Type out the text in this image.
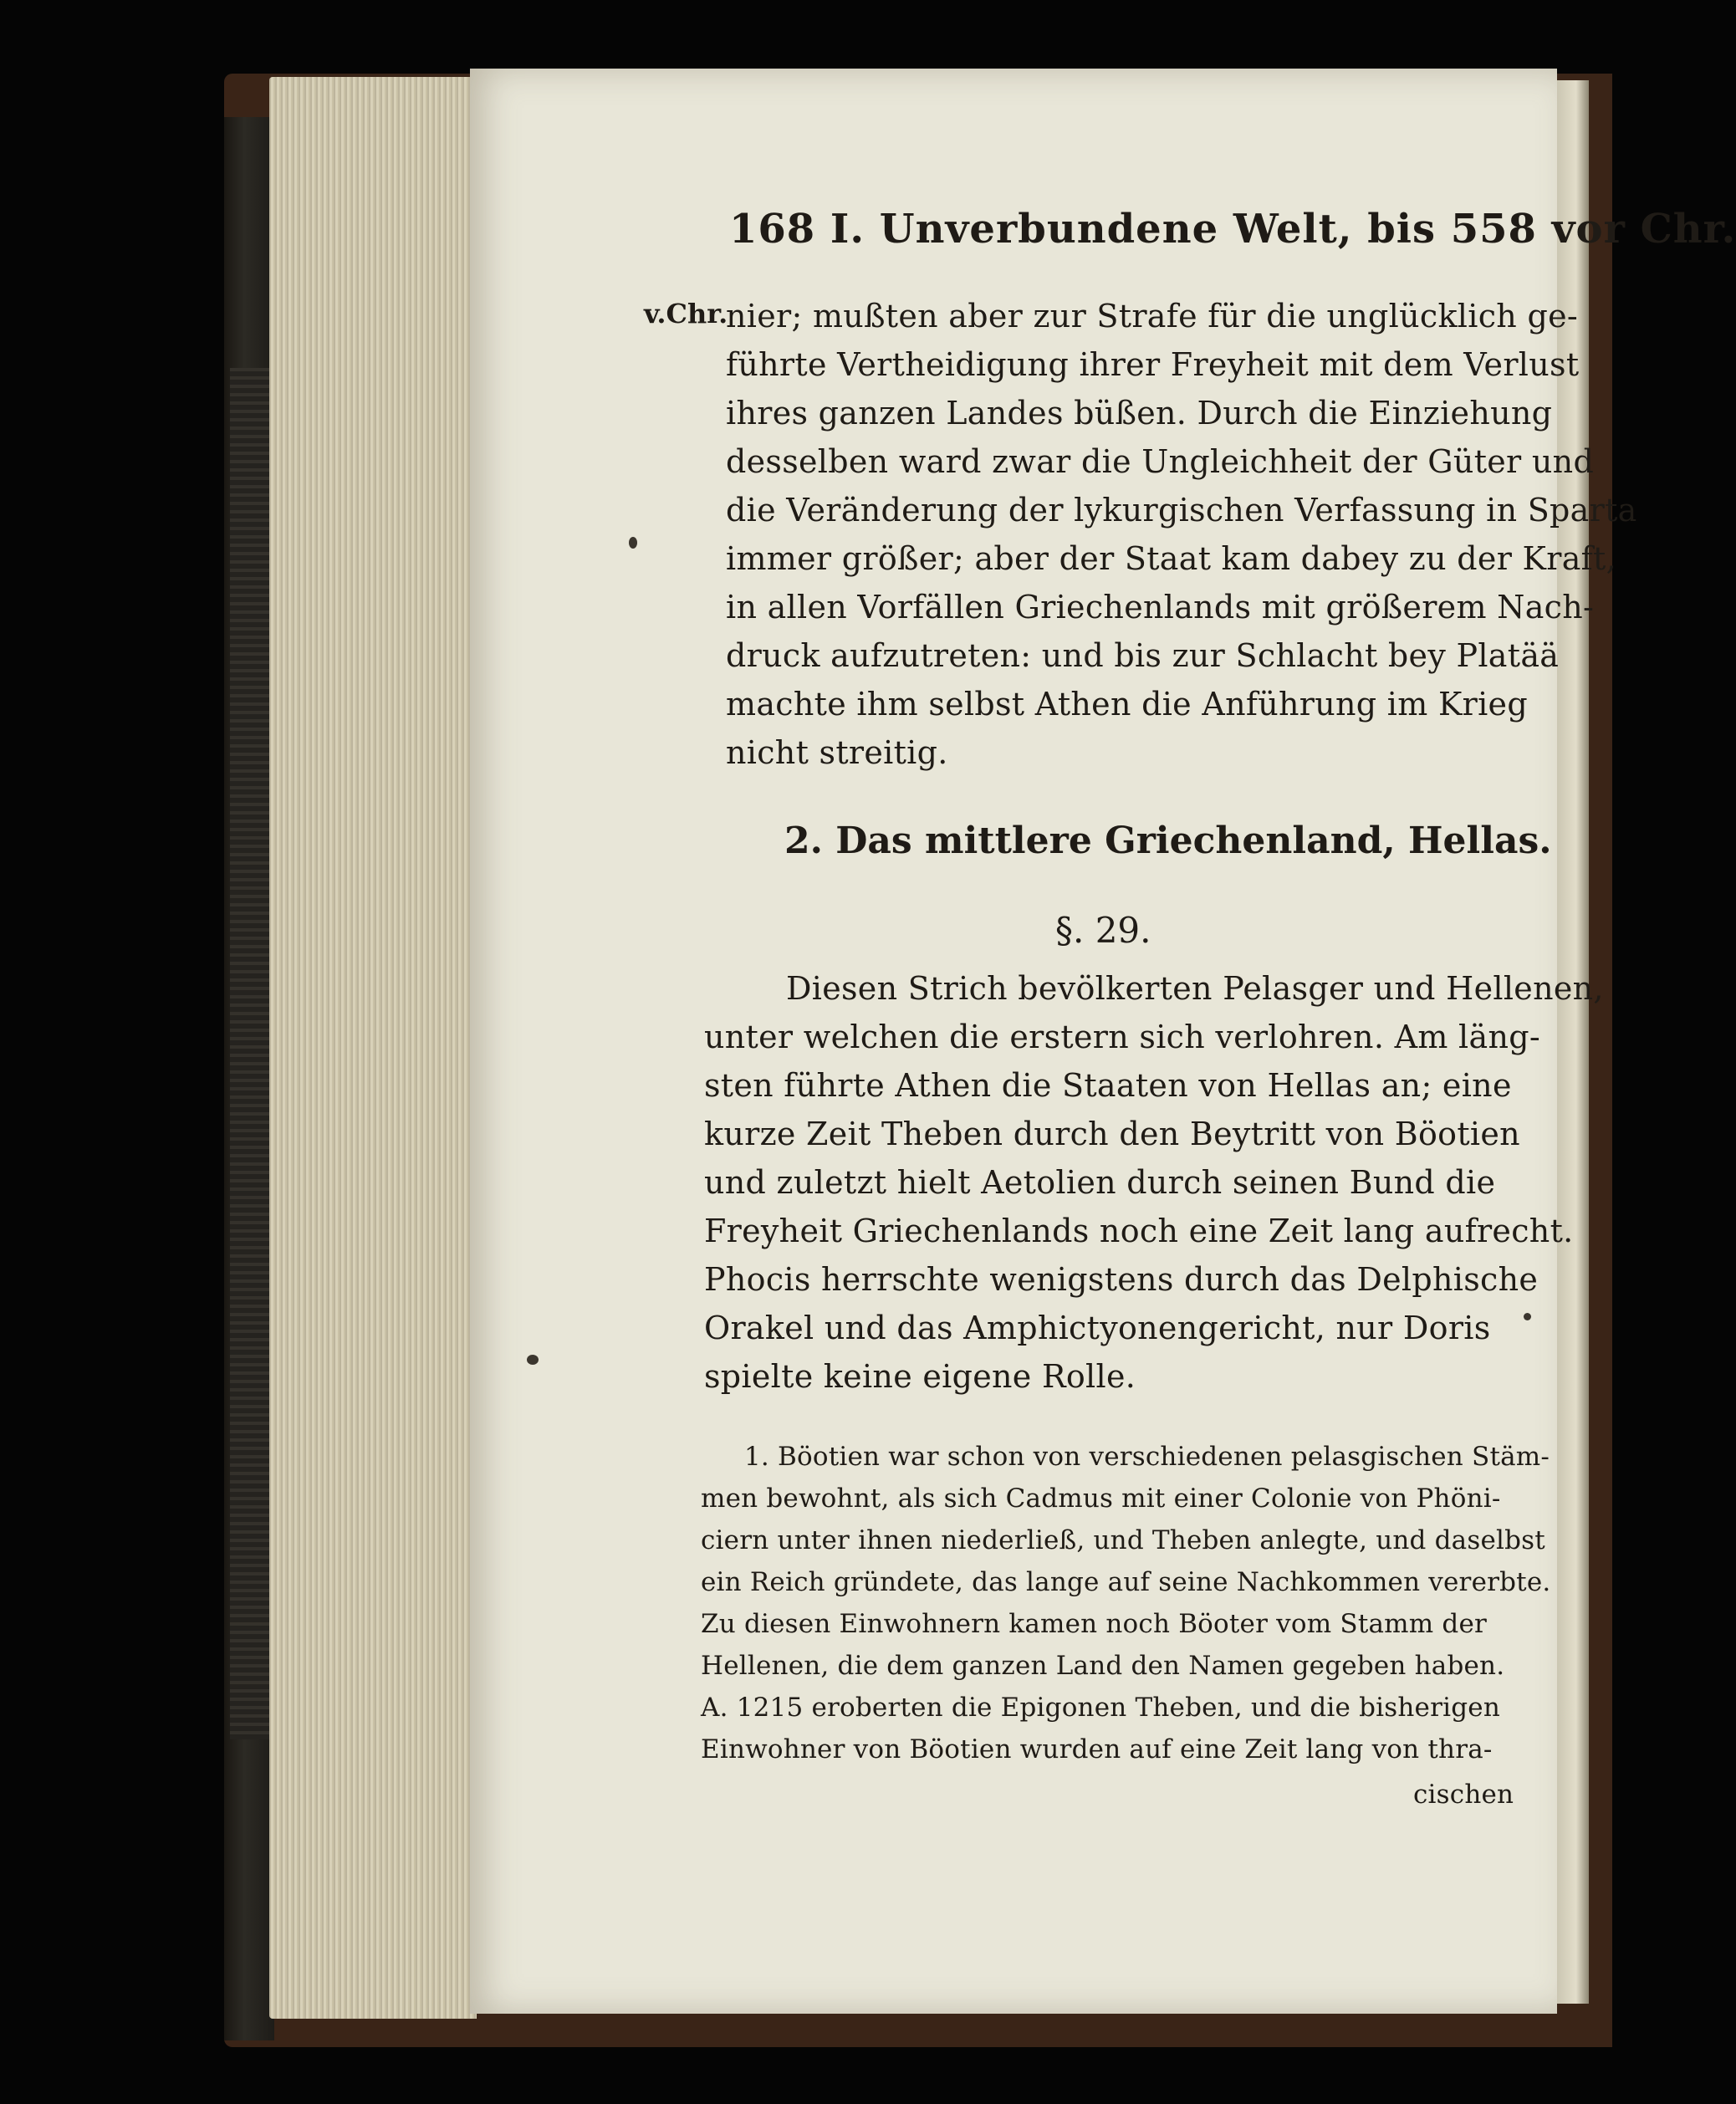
168 I. Unverbundene Welt, bis 558 vor Chr.
v.Chr.
nier; mußten aber zur Strafe für die unglücklich ge-
führte Vertheidigung ihrer Freyheit mit dem Verlust
ihres ganzen Landes büßen. Durch die Einziehung
desselben ward zwar die Ungleichheit der Güter und
die Veränderung der lykurgischen Verfassung in Sparta
immer größer; aber der Staat kam dabey zu der Kraft,
in allen Vorfällen Griechenlands mit größerem Nach-
druck aufzutreten: und bis zur Schlacht bey Platää
machte ihm selbst Athen die Anführung im Krieg
nicht streitig.
2. Das mittlere Griechenland, Hellas.
§. 29.
Diesen Strich bevölkerten Pelasger und Hellenen,
unter welchen die erstern sich verlohren. Am läng-
sten führte Athen die Staaten von Hellas an; eine
kurze Zeit Theben durch den Beytritt von Böotien
und zuletzt hielt Aetolien durch seinen Bund die
Freyheit Griechenlands noch eine Zeit lang aufrecht.
Phocis herrschte wenigstens durch das Delphische
Orakel und das Amphictyonengericht, nur Doris
spielte keine eigene Rolle.
1. Böotien war schon von verschiedenen pelasgischen Stäm-
men bewohnt, als sich Cadmus mit einer Colonie von Phöni-
ciern unter ihnen niederließ, und Theben anlegte, und daselbst
ein Reich gründete, das lange auf seine Nachkommen vererbte.
Zu diesen Einwohnern kamen noch Böoter vom Stamm der
Hellenen, die dem ganzen Land den Namen gegeben haben.
A. 1215 eroberten die Epigonen Theben, und die bisherigen
Einwohner von Böotien wurden auf eine Zeit lang von thra-
cischen
